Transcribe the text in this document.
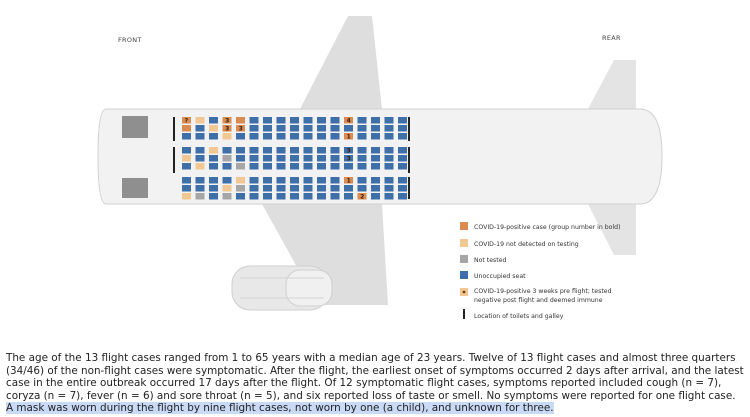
?	3	4
3 3
1
1
3
3
2
FRONT	REAR
COVID-19-positive case (group number in bold)
COVID-19 not detected on testing
Not tested
Unoccupied seat
COVID-19-positive 3 weeks pre flight; tested
negative post flight and deemed immune
Location of toilets and galley

The age of the 13 flight cases ranged from 1 to 65 years with a median age of 23 years. Twelve of 13 flight cases and almost three quarters (34/46) of the non-flight cases were symptomatic. After the flight, the earliest onset of symptoms occurred 2 days after arrival, and the latest case in the entire outbreak occurred 17 days after the flight. Of 12 symptomatic flight cases, symptoms reported included cough (n = 7), coryza (n = 7), fever (n = 6) and sore throat (n = 5), and six reported loss of taste or smell. No symptoms were reported for one flight case. A mask was worn during the flight by nine flight cases, not worn by one (a child), and unknown for three.
